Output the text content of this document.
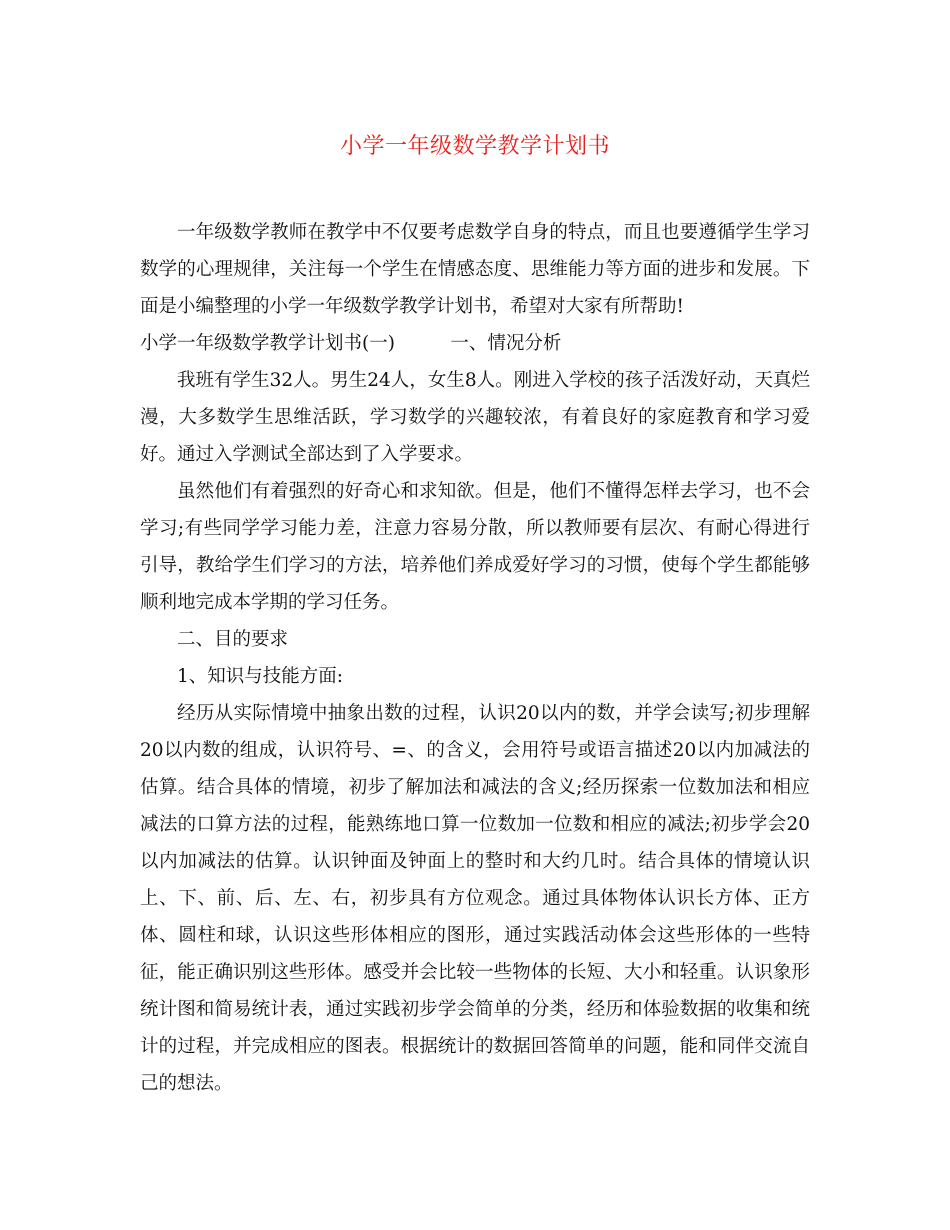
小学一年级数学教学计划书

一年级数学教师在教学中不仅要考虑数学自身的特点，而且也要遵循学生学习数学的心理规律，关注每一个学生在情感态度、思维能力等方面的进步和发展。下面是小编整理的小学一年级数学教学计划书，希望对大家有所帮助!

小学一年级数学教学计划书(一)　　　一、情况分析

我班有学生32人。男生24人，女生8人。刚进入学校的孩子活泼好动，天真烂漫，大多数学生思维活跃，学习数学的兴趣较浓，有着良好的家庭教育和学习爱好。通过入学测试全部达到了入学要求。

虽然他们有着强烈的好奇心和求知欲。但是，他们不懂得怎样去学习，也不会学习;有些同学学习能力差，注意力容易分散，所以教师要有层次、有耐心得进行引导，教给学生们学习的方法，培养他们养成爱好学习的习惯，使每个学生都能够顺利地完成本学期的学习任务。

二、目的要求

1、知识与技能方面:

经历从实际情境中抽象出数的过程，认识20以内的数，并学会读写;初步理解20以内数的组成，认识符号、=、的含义，会用符号或语言描述20以内加减法的估算。结合具体的情境，初步了解加法和减法的含义;经历探索一位数加法和相应减法的口算方法的过程，能熟练地口算一位数加一位数和相应的减法;初步学会20以内加减法的估算。认识钟面及钟面上的整时和大约几时。结合具体的情境认识上、下、前、后、左、右，初步具有方位观念。通过具体物体认识长方体、正方体、圆柱和球，认识这些形体相应的图形，通过实践活动体会这些形体的一些特征，能正确识别这些形体。感受并会比较一些物体的长短、大小和轻重。认识象形统计图和简易统计表，通过实践初步学会简单的分类，经历和体验数据的收集和统计的过程，并完成相应的图表。根据统计的数据回答简单的问题，能和同伴交流自己的想法。
